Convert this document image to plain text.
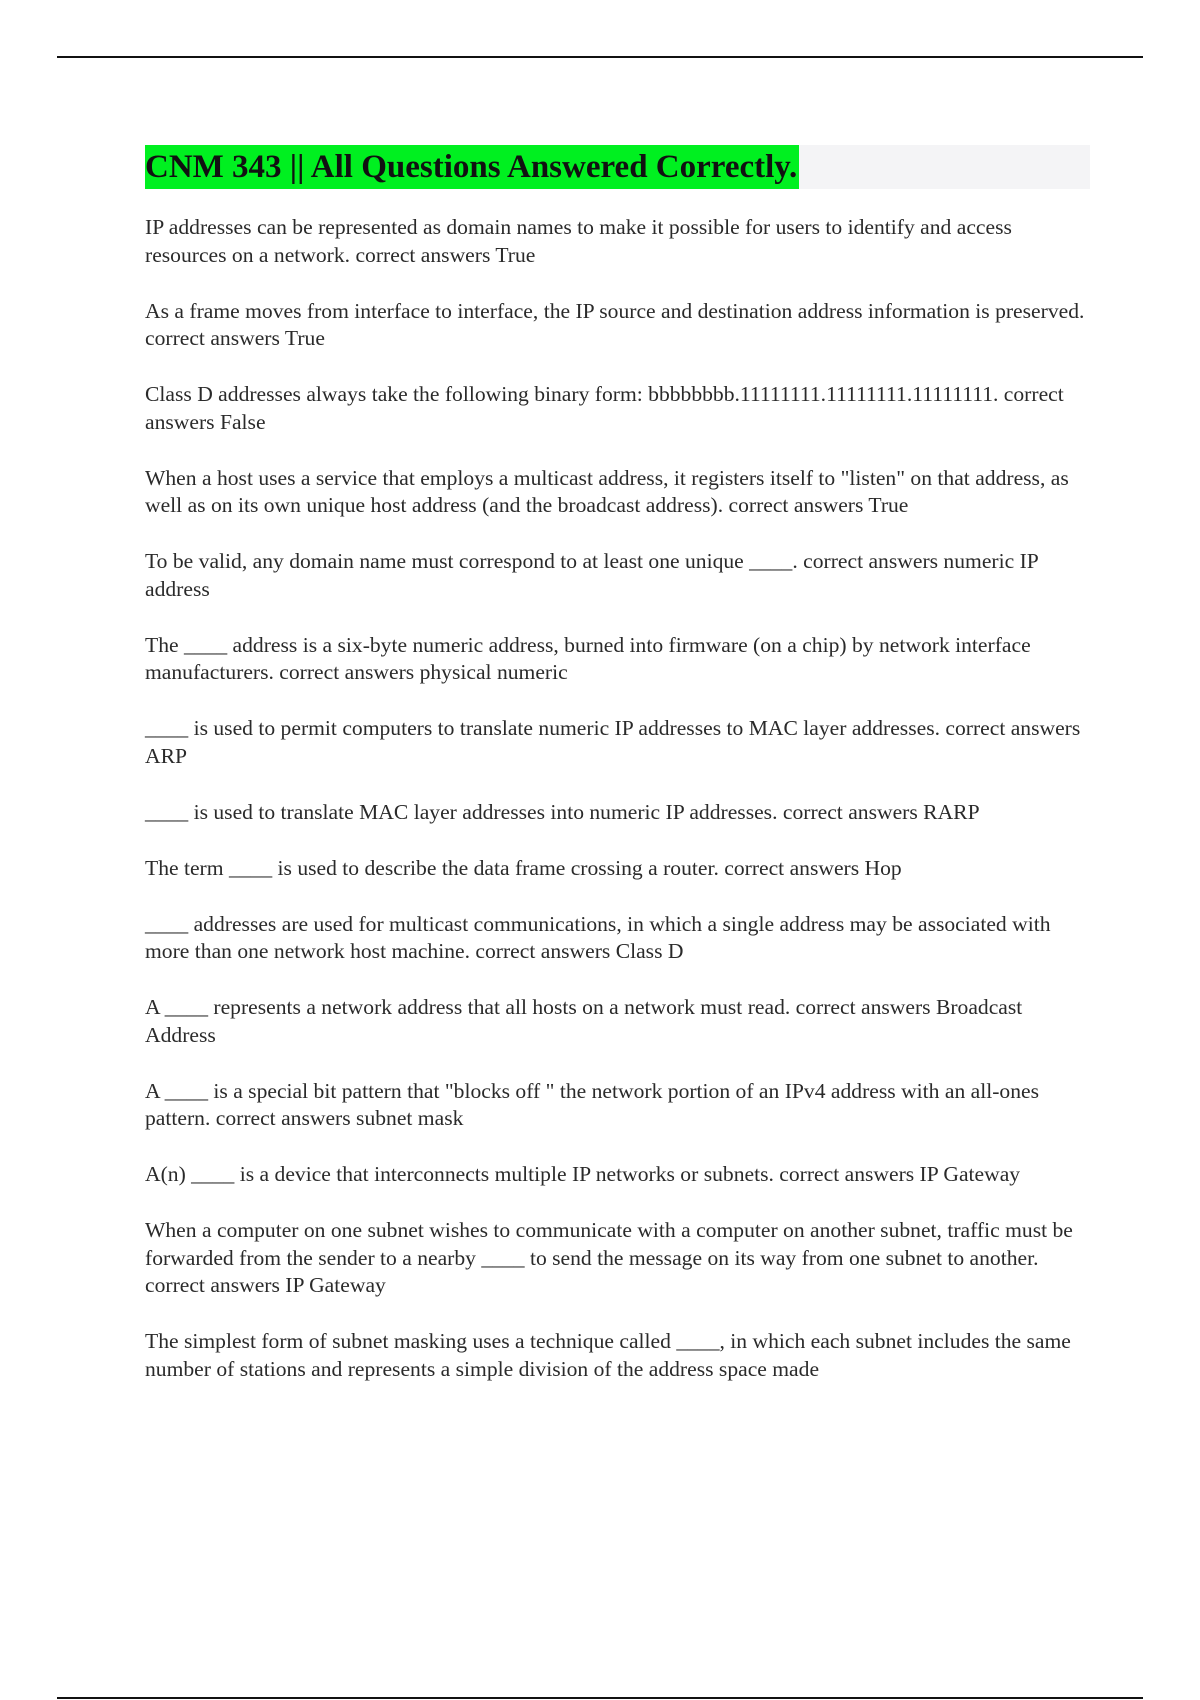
CNM 343 || All Questions Answered Correctly.
IP addresses can be represented as domain names to make it possible for users to identify and access resources on a network. correct answers True
As a frame moves from interface to interface, the IP source and destination address information is preserved. correct answers True
Class D addresses always take the following binary form: bbbbbbbb.11111111.11111111.11111111. correct answers False
When a host uses a service that employs a multicast address, it registers itself to "listen" on that address, as well as on its own unique host address (and the broadcast address). correct answers True
To be valid, any domain name must correspond to at least one unique ____. correct answers numeric IP address
The ____ address is a six-byte numeric address, burned into firmware (on a chip) by network interface manufacturers. correct answers physical numeric
____ is used to permit computers to translate numeric IP addresses to MAC layer addresses. correct answers ARP
____ is used to translate MAC layer addresses into numeric IP addresses. correct answers RARP
The term ____ is used to describe the data frame crossing a router. correct answers Hop
____ addresses are used for multicast communications, in which a single address may be associated with more than one network host machine. correct answers Class D
A ____ represents a network address that all hosts on a network must read. correct answers Broadcast Address
A ____ is a special bit pattern that "blocks off " the network portion of an IPv4 address with an all-ones pattern. correct answers subnet mask
A(n) ____ is a device that interconnects multiple IP networks or subnets. correct answers IP Gateway
When a computer on one subnet wishes to communicate with a computer on another subnet, traffic must be forwarded from the sender to a nearby ____ to send the message on its way from one subnet to another. correct answers IP Gateway
The simplest form of subnet masking uses a technique called ____, in which each subnet includes the same number of stations and represents a simple division of the address space made
